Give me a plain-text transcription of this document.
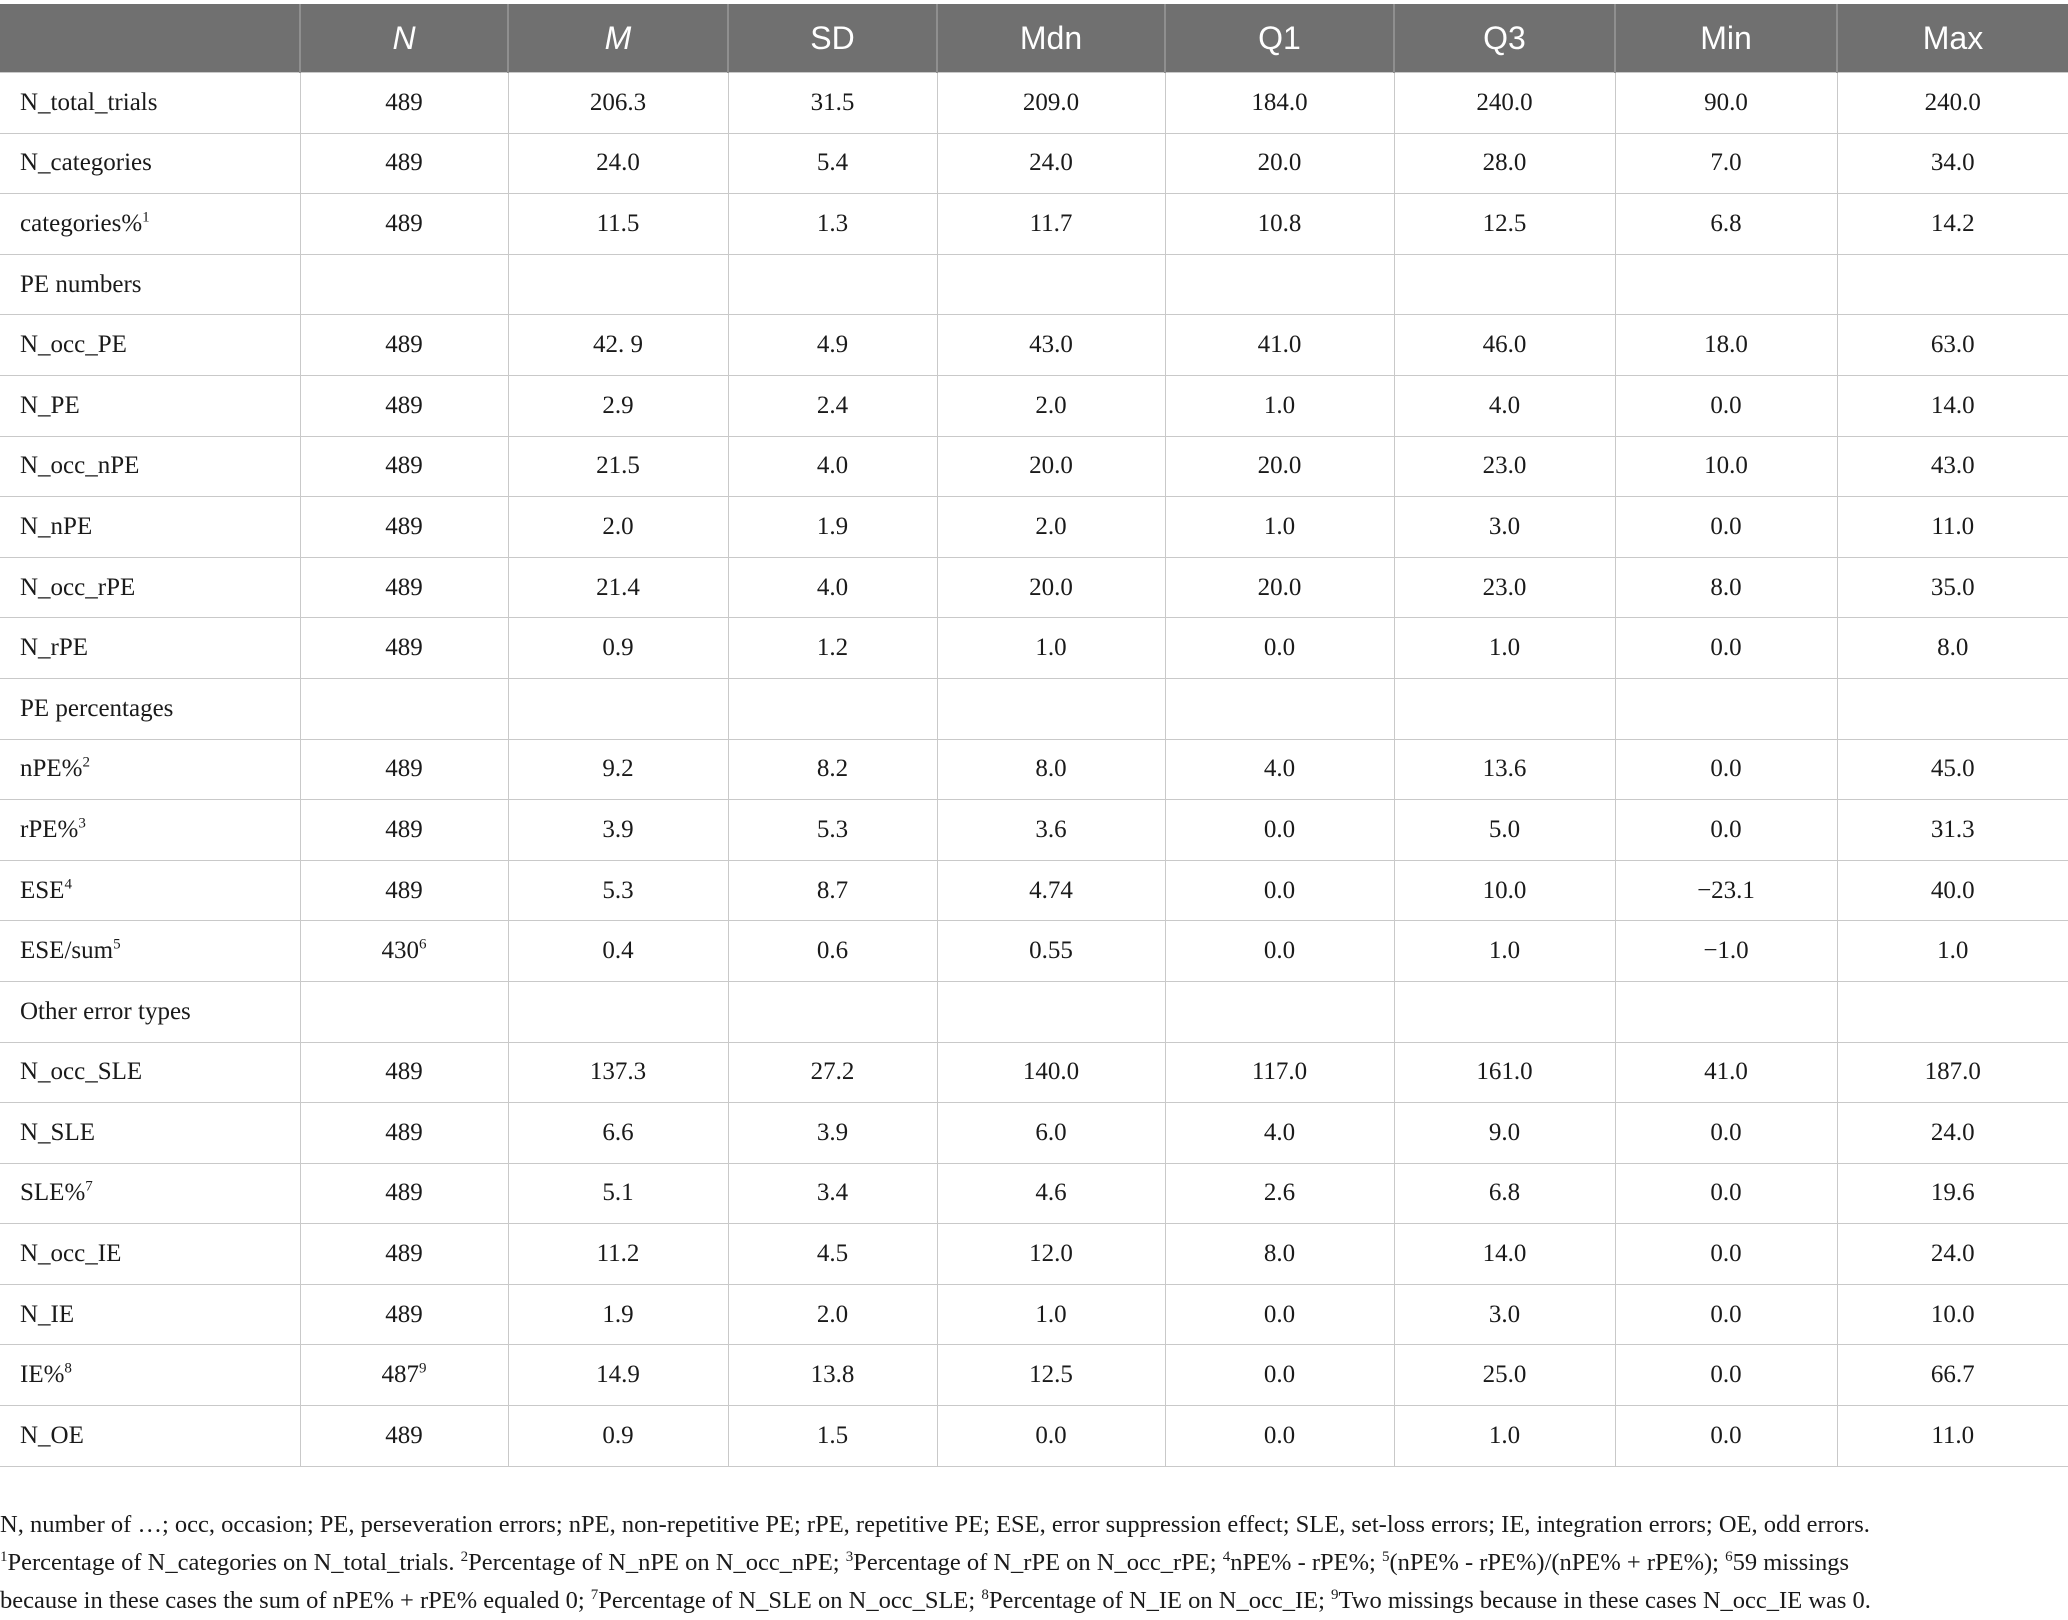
	N	M	SD	Mdn	Q1	Q3	Min	Max
N_total_trials	489	206.3	31.5	209.0	184.0	240.0	90.0	240.0
N_categories	489	24.0	5.4	24.0	20.0	28.0	7.0	34.0
categories%$^1$	489	11.5	1.3	11.7	10.8	12.5	6.8	14.2
PE numbers								
N_occ_PE	489	42. 9	4.9	43.0	41.0	46.0	18.0	63.0
N_PE	489	2.9	2.4	2.0	1.0	4.0	0.0	14.0
N_occ_nPE	489	21.5	4.0	20.0	20.0	23.0	10.0	43.0
N_nPE	489	2.0	1.9	2.0	1.0	3.0	0.0	11.0
N_occ_rPE	489	21.4	4.0	20.0	20.0	23.0	8.0	35.0
N_rPE	489	0.9	1.2	1.0	0.0	1.0	0.0	8.0
PE percentages								
nPE%$^2$	489	9.2	8.2	8.0	4.0	13.6	0.0	45.0
rPE%$^3$	489	3.9	5.3	3.6	0.0	5.0	0.0	31.3
ESE$^4$	489	5.3	8.7	4.74	0.0	10.0	−23.1	40.0
ESE/sum$^5$	$430^6$	0.4	0.6	0.55	0.0	1.0	−1.0	1.0
Other error types								
N_occ_SLE	489	137.3	27.2	140.0	117.0	161.0	41.0	187.0
N_SLE	489	6.6	3.9	6.0	4.0	9.0	0.0	24.0
SLE%$^7$	489	5.1	3.4	4.6	2.6	6.8	0.0	19.6
N_occ_IE	489	11.2	4.5	12.0	8.0	14.0	0.0	24.0
N_IE	489	1.9	2.0	1.0	0.0	3.0	0.0	10.0
IE%$^8$	$487^9$	14.9	13.8	12.5	0.0	25.0	0.0	66.7
N_OE	489	0.9	1.5	0.0	0.0	1.0	0.0	11.0

N, number of …; occ, occasion; PE, perseveration errors; nPE, non-repetitive PE; rPE, repetitive PE; ESE, error suppression effect; SLE, set-loss errors; IE, integration errors; OE, odd errors.

$^1$Percentage of N_categories on N_total_trials. $^2$Percentage of N_nPE on N_occ_nPE; $^3$Percentage of N_rPE on N_occ_rPE; $^4$nPE% - rPE%; $^5$(nPE% - rPE%)/(nPE% + rPE%); $^6$59 missings

because in these cases the sum of nPE% + rPE% equaled 0; $^7$Percentage of N_SLE on N_occ_SLE; $^8$Percentage of N_IE on N_occ_IE; $^9$Two missings because in these cases N_occ_IE was 0.
